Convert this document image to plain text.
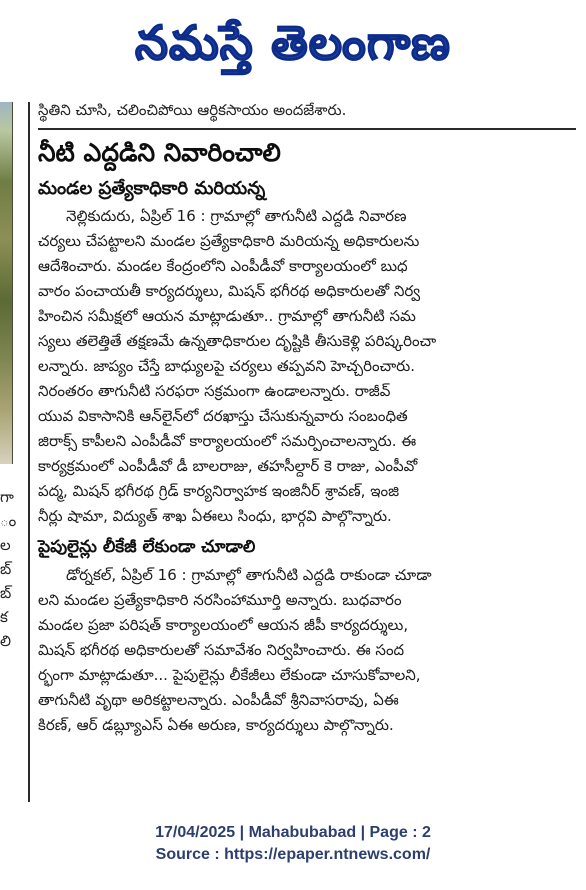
నమస్తే తెలంగాణ
గా
ం
ల
బ్
బ్
క
లి
స్థితిని చూసి, చలించిపోయి ఆర్థికసాయం అందజేశారు.
నీటి ఎద్దడిని నివారించాలి
మండల ప్రత్యేకాధికారి మరియన్న
నెల్లికుదురు, ఏప్రిల్ 16 : గ్రామాల్లో తాగునీటి ఎద్దడి నివారణ
చర్యలు చేపట్టాలని మండల ప్రత్యేకాధికారి మరియన్న అధికారులను
ఆదేశించారు. మండల కేంద్రంలోని ఎంపీడీవో కార్యాలయంలో బుధ
వారం పంచాయతీ కార్యదర్శులు, మిషన్ భగీరథ అధికారులతో నిర్వ
హించిన సమీక్షలో ఆయన మాట్లాడుతూ.. గ్రామాల్లో తాగునీటి సమ
స్యలు తలెత్తితే తక్షణమే ఉన్నతాధికారుల దృష్టికి తీసుకెళ్లి పరిష్కరించా
లన్నారు. జాప్యం చేస్తే బాధ్యులపై చర్యలు తప్పవని హెచ్చరించారు.
నిరంతరం తాగునీటి సరఫరా సక్రమంగా ఉండాలన్నారు. రాజీవ్
యువ వికాసానికి ఆన్‌లైన్‌లో దరఖాస్తు చేసుకున్నవారు సంబంధిత
జిరాక్స్ కాపీలని ఎంపీడీవో కార్యాలయంలో సమర్పించాలన్నారు. ఈ
కార్యక్రమంలో ఎంపీడీవో డీ బాలరాజు, తహసీల్దార్ కె రాజు, ఎంపీవో
పద్మ, మిషన్ భగీరథ గ్రిడ్ కార్యనిర్వాహక ఇంజినీర్ శ్రావణ్, ఇంజి
నీర్లు షామా, విద్యుత్ శాఖ ఏఈలు సింధు, భార్గవి పాల్గొన్నారు.
పైపులైన్లు లీకేజీ లేకుండా చూడాలి
డోర్నకల్, ఏప్రిల్ 16 : గ్రామాల్లో తాగునీటి ఎద్దడి రాకుండా చూడా
లని మండల ప్రత్యేకాధికారి నరసింహామూర్తి అన్నారు. బుధవారం
మండల ప్రజా పరిషత్ కార్యాలయంలో ఆయన జీపీ కార్యదర్శులు,
మిషన్ భగీరథ అధికారులతో సమావేశం నిర్వహించారు. ఈ సంద
ర్భంగా మాట్లాడుతూ... పైపులైన్లు లీకేజీలు లేకుండా చూసుకోవాలని,
తాగునీటి వృథా అరికట్టాలన్నారు. ఎంపీడీవో శ్రీనివాసరావు, ఏఈ
కిరణ్, ఆర్ డబ్ల్యూఎస్ ఏఈ అరుణ, కార్యదర్శులు పాల్గొన్నారు.
17/04/2025 | Mahabubabad | Page : 2
Source : https://epaper.ntnews.com/
